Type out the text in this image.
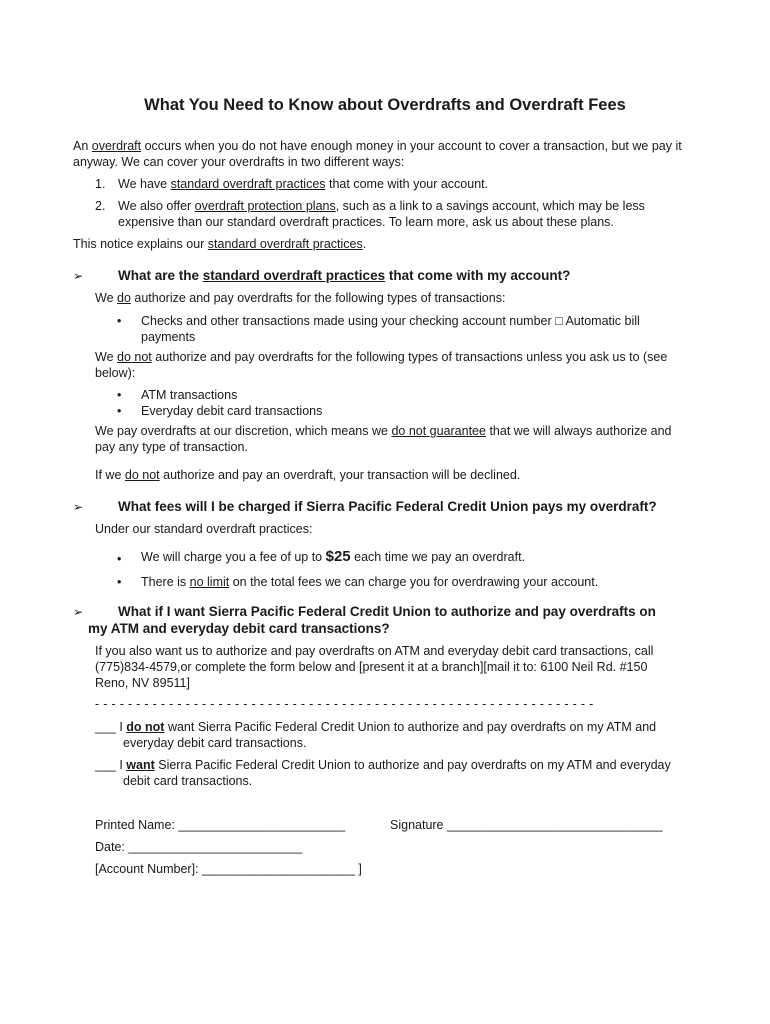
What You Need to Know about Overdrafts and Overdraft Fees
An overdraft occurs when you do not have enough money in your account to cover a transaction, but we pay it
anyway. We can cover your overdrafts in two different ways:
1. We have standard overdraft practices that come with your account.
2. We also offer overdraft protection plans, such as a link to a savings account, which may be less
expensive than our standard overdraft practices. To learn more, ask us about these plans.
This notice explains our standard overdraft practices.
➢	What are the standard overdraft practices that come with my account?
We do authorize and pay overdrafts for the following types of transactions:
• Checks and other transactions made using your checking account number □ Automatic bill
payments
We do not authorize and pay overdrafts for the following types of transactions unless you ask us to (see
below):
• ATM transactions
• Everyday debit card transactions
We pay overdrafts at our discretion, which means we do not guarantee that we will always authorize and
pay any type of transaction.
If we do not authorize and pay an overdraft, your transaction will be declined.
➢	What fees will I be charged if Sierra Pacific Federal Credit Union pays my overdraft?
Under our standard overdraft practices:
• We will charge you a fee of up to $25 each time we pay an overdraft.
• There is no limit on the total fees we can charge you for overdrawing your account.
➢	What if I want Sierra Pacific Federal Credit Union to authorize and pay overdrafts on
my ATM and everyday debit card transactions?
If you also want us to authorize and pay overdrafts on ATM and everyday debit card transactions, call
(775)834-4579,or complete the form below and [present it at a branch][mail it to: 6100 Neil Rd. #150
Reno, NV 89511]
- - - - - - - - - - - - - - - - - - - - - - - - - - - - - - - - - - - - - - - - - - - - - - - - - - - - - - - - - - - - -
___ I do not want Sierra Pacific Federal Credit Union to authorize and pay overdrafts on my ATM and
everyday debit card transactions.
___ I want Sierra Pacific Federal Credit Union to authorize and pay overdrafts on my ATM and everyday
debit card transactions.
Printed Name: ________________________	Signature _______________________________
Date: _________________________
[Account Number]: ______________________ ]
